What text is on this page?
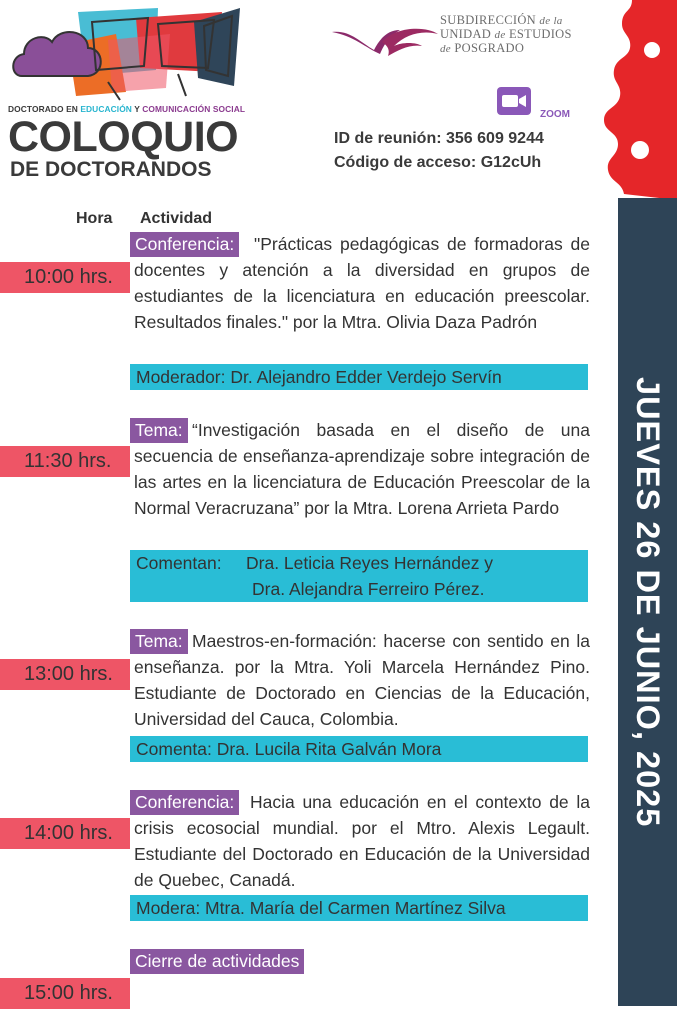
DOCTORADO EN EDUCACIÓN Y COMUNICACIÓN SOCIAL
COLOQUIO
DE DOCTORANDOS
SUBDIRECCIÓN de la
UNIDAD de ESTUDIOS
de POSGRADO
ZOOM
ID de reunión: 356 609 9244
Código de acceso: G12cUh
JUEVES 26 DE JUNIO, 2025
Hora Actividad
10:00 hrs.
Conferencia:	"Prácticas pedagógicas de formadoras de docentes y atención a la diversidad en grupos de estudiantes de la licenciatura en educación preescolar. Resultados finales." por la Mtra. Olivia Daza Padrón
Moderador: Dr. Alejandro Edder Verdejo Servín
11:30 hrs.
Tema: “Investigación basada en el diseño de una secuencia de enseñanza-aprendizaje sobre integración de las artes en la licenciatura de Educación Preescolar de la Normal Veracruzana” por la Mtra. Lorena Arrieta Pardo
Comentan: Dra. Leticia Reyes Hernández y
Dra. Alejandra Ferreiro Pérez.
13:00 hrs.
Tema: Maestros-en-formación: hacerse con sentido en la enseñanza. por la Mtra. Yoli Marcela Hernández Pino. Estudiante de Doctorado en Ciencias de la Educación, Universidad del Cauca, Colombia.
Comenta: Dra. Lucila Rita Galván Mora
14:00 hrs.
Conferencia: Hacia una educación en el contexto de la crisis ecosocial mundial. por el Mtro. Alexis Legault. Estudiante del Doctorado en Educación de la Universidad de Quebec, Canadá.
Modera: Mtra. María del Carmen Martínez Silva
Cierre de actividades
15:00 hrs.
